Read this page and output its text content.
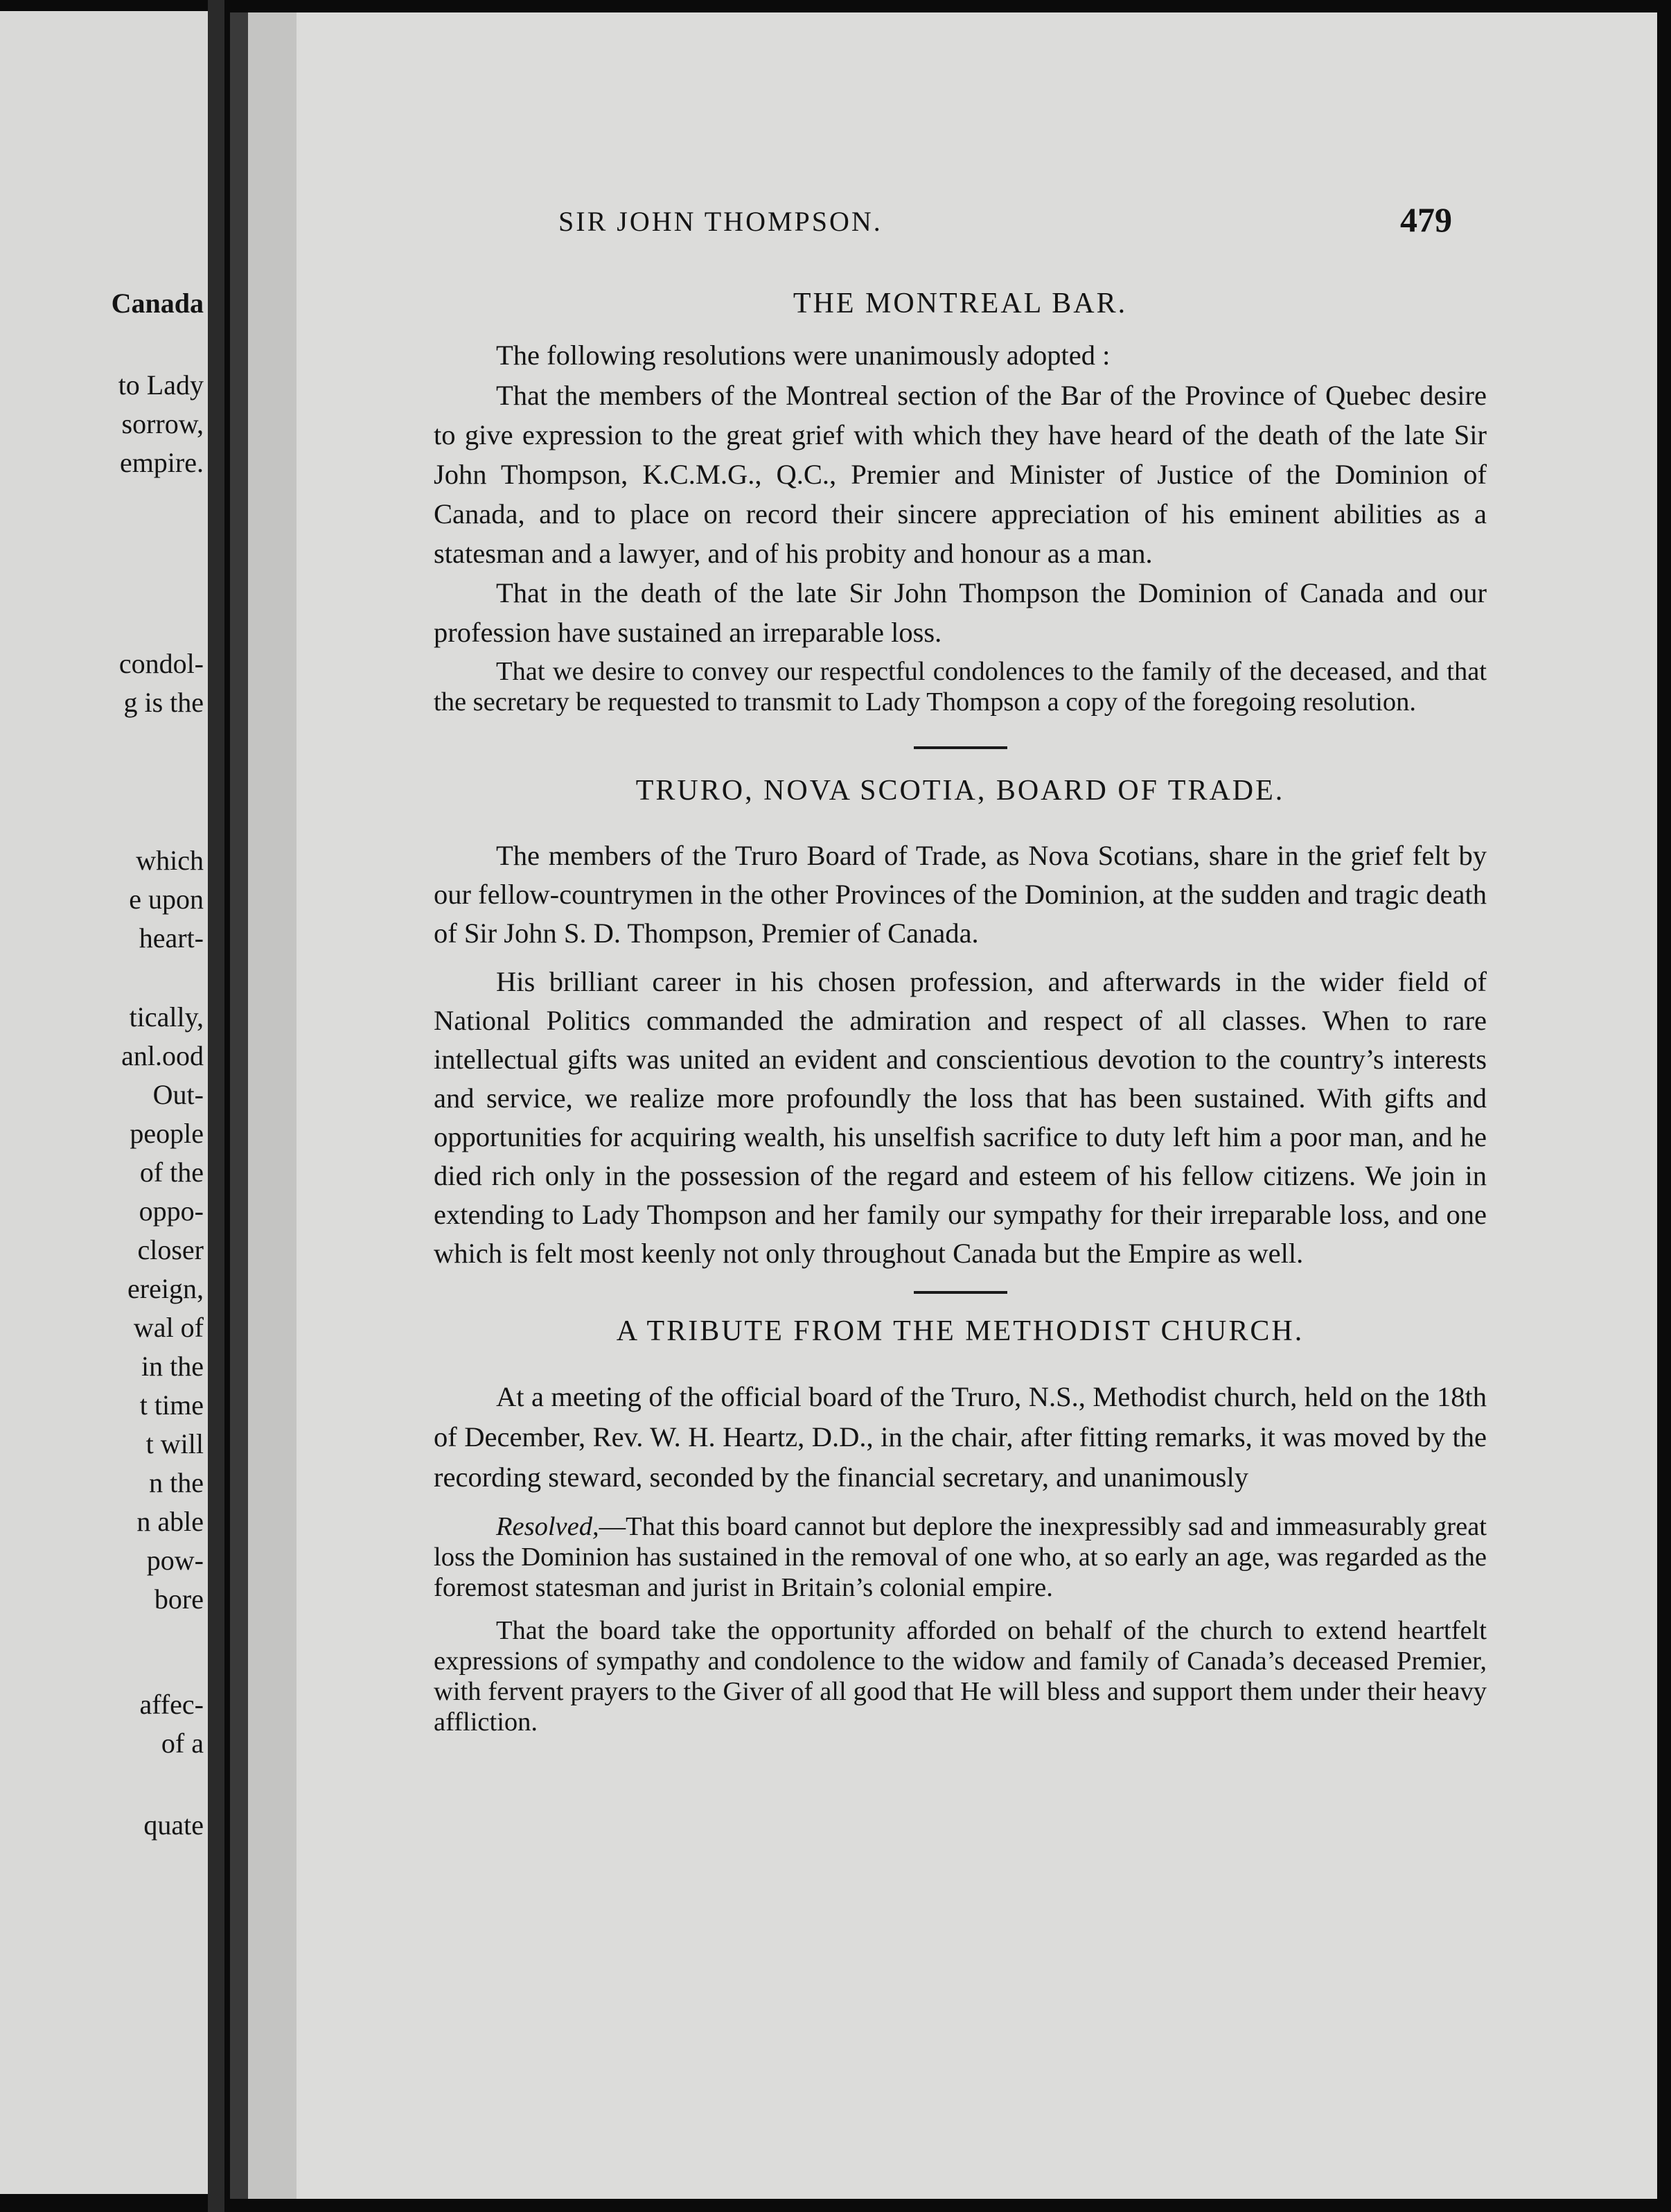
Canada
to Lady
sorrow,
empire.
condol-
g is the
which
e upon
heart-
tically,
anl.ood
Out-
people
of the
oppo-
closer
ereign,
wal of
in the
t time
t will
n the
n able
pow-
bore
affec-
of a
quate
SIR JOHN THOMPSON.	479
THE MONTREAL BAR.

The following resolutions were unanimously adopted :

That the members of the Montreal section of the Bar of the Province of Quebec desire to give expression to the great grief with which they have heard of the death of the late Sir John Thompson, K.C.M.G., Q.C., Premier and Minister of Justice of the Dominion of Canada, and to place on record their sincere appreciation of his eminent abilities as a statesman and a lawyer, and of his probity and honour as a man.

That in the death of the late Sir John Thompson the Dominion of Canada and our profession have sustained an irreparable loss.

That we desire to convey our respectful condolences to the family of the deceased, and that the secretary be requested to transmit to Lady Thompson a copy of the foregoing resolution.

TRURO, NOVA SCOTIA, BOARD OF TRADE.

The members of the Truro Board of Trade, as Nova Scotians, share in the grief felt by our fellow-countrymen in the other Provinces of the Dominion, at the sudden and tragic death of Sir John S. D. Thompson, Premier of Canada.

His brilliant career in his chosen profession, and afterwards in the wider field of National Politics commanded the admiration and respect of all classes. When to rare intellectual gifts was united an evident and conscientious devotion to the country’s interests and service, we realize more profoundly the loss that has been sustained. With gifts and opportunities for acquiring wealth, his unselfish sacrifice to duty left him a poor man, and he died rich only in the possession of the regard and esteem of his fellow citizens. We join in extending to Lady Thompson and her family our sympathy for their irreparable loss, and one which is felt most keenly not only throughout Canada but the Empire as well.

A TRIBUTE FROM THE METHODIST CHURCH.

At a meeting of the official board of the Truro, N.S., Methodist church, held on the 18th of December, Rev. W. H. Heartz, D.D., in the chair, after fitting remarks, it was moved by the recording steward, seconded by the financial secretary, and unanimously

Resolved,—That this board cannot but deplore the inexpressibly sad and immeasurably great loss the Dominion has sustained in the removal of one who, at so early an age, was regarded as the foremost statesman and jurist in Britain’s colonial empire.

That the board take the opportunity afforded on behalf of the church to extend heartfelt expressions of sympathy and condolence to the widow and family of Canada’s deceased Premier, with fervent prayers to the Giver of all good that He will bless and support them under their heavy affliction.
